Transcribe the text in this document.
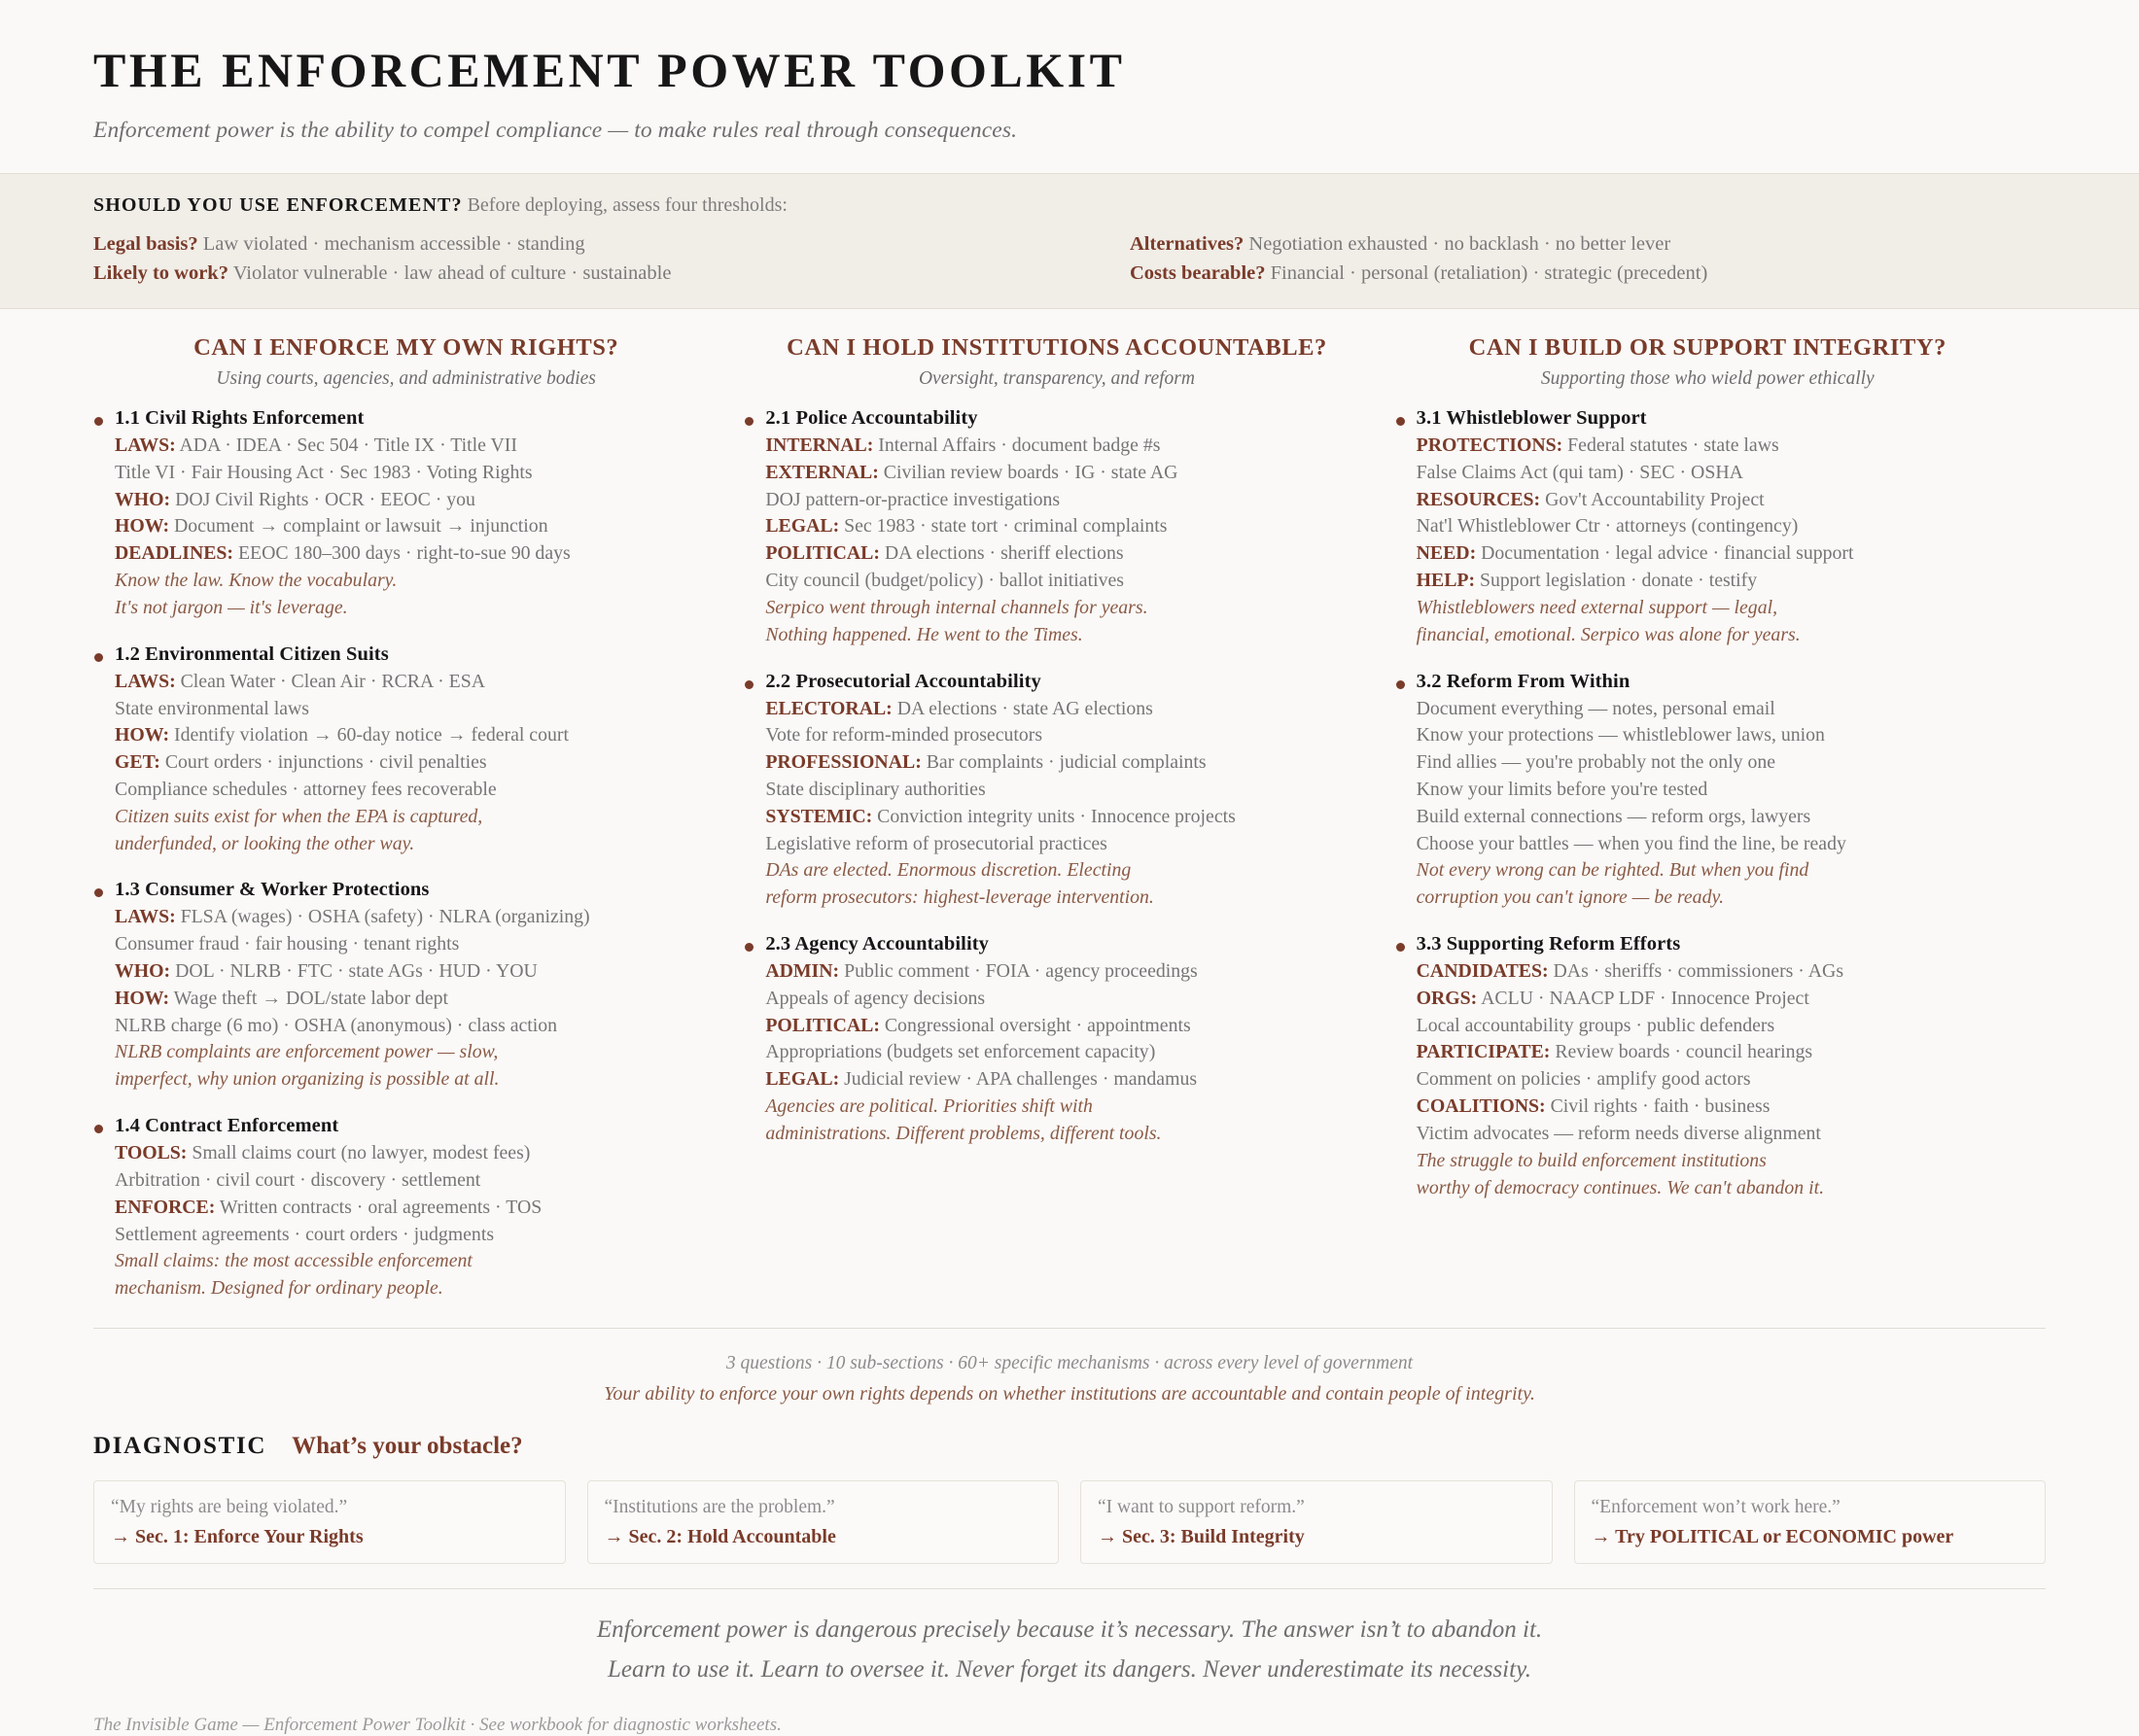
THE ENFORCEMENT POWER TOOLKIT
Enforcement power is the ability to compel compliance — to make rules real through consequences.
SHOULD YOU USE ENFORCEMENT? Before deploying, assess four thresholds:
Legal basis? Law violated · mechanism accessible · standing
Likely to work? Violator vulnerable · law ahead of culture · sustainable
Alternatives? Negotiation exhausted · no backlash · no better lever
Costs bearable? Financial · personal (retaliation) · strategic (precedent)
CAN I ENFORCE MY OWN RIGHTS?
Using courts, agencies, and administrative bodies
1.1 Civil Rights Enforcement
LAWS: ADA · IDEA · Sec 504 · Title IX · Title VII
Title VI · Fair Housing Act · Sec 1983 · Voting Rights
WHO: DOJ Civil Rights · OCR · EEOC · you
HOW: Document → complaint or lawsuit → injunction
DEADLINES: EEOC 180–300 days · right-to-sue 90 days
Know the law. Know the vocabulary.
It's not jargon — it's leverage.
1.2 Environmental Citizen Suits
LAWS: Clean Water · Clean Air · RCRA · ESA
State environmental laws
HOW: Identify violation → 60-day notice → federal court
GET: Court orders · injunctions · civil penalties
Compliance schedules · attorney fees recoverable
Citizen suits exist for when the EPA is captured,
underfunded, or looking the other way.
1.3 Consumer & Worker Protections
LAWS: FLSA (wages) · OSHA (safety) · NLRA (organizing)
Consumer fraud · fair housing · tenant rights
WHO: DOL · NLRB · FTC · state AGs · HUD · YOU
HOW: Wage theft → DOL/state labor dept
NLRB charge (6 mo) · OSHA (anonymous) · class action
NLRB complaints are enforcement power — slow,
imperfect, why union organizing is possible at all.
1.4 Contract Enforcement
TOOLS: Small claims court (no lawyer, modest fees)
Arbitration · civil court · discovery · settlement
ENFORCE: Written contracts · oral agreements · TOS
Settlement agreements · court orders · judgments
Small claims: the most accessible enforcement
mechanism. Designed for ordinary people.
CAN I HOLD INSTITUTIONS ACCOUNTABLE?
Oversight, transparency, and reform
2.1 Police Accountability
INTERNAL: Internal Affairs · document badge #s
EXTERNAL: Civilian review boards · IG · state AG
DOJ pattern-or-practice investigations
LEGAL: Sec 1983 · state tort · criminal complaints
POLITICAL: DA elections · sheriff elections
City council (budget/policy) · ballot initiatives
Serpico went through internal channels for years.
Nothing happened. He went to the Times.
2.2 Prosecutorial Accountability
ELECTORAL: DA elections · state AG elections
Vote for reform-minded prosecutors
PROFESSIONAL: Bar complaints · judicial complaints
State disciplinary authorities
SYSTEMIC: Conviction integrity units · Innocence projects
Legislative reform of prosecutorial practices
DAs are elected. Enormous discretion. Electing
reform prosecutors: highest-leverage intervention.
2.3 Agency Accountability
ADMIN: Public comment · FOIA · agency proceedings
Appeals of agency decisions
POLITICAL: Congressional oversight · appointments
Appropriations (budgets set enforcement capacity)
LEGAL: Judicial review · APA challenges · mandamus
Agencies are political. Priorities shift with
administrations. Different problems, different tools.
CAN I BUILD OR SUPPORT INTEGRITY?
Supporting those who wield power ethically
3.1 Whistleblower Support
PROTECTIONS: Federal statutes · state laws
False Claims Act (qui tam) · SEC · OSHA
RESOURCES: Gov't Accountability Project
Nat'l Whistleblower Ctr · attorneys (contingency)
NEED: Documentation · legal advice · financial support
HELP: Support legislation · donate · testify
Whistleblowers need external support — legal,
financial, emotional. Serpico was alone for years.
3.2 Reform From Within
Document everything — notes, personal email
Know your protections — whistleblower laws, union
Find allies — you're probably not the only one
Know your limits before you're tested
Build external connections — reform orgs, lawyers
Choose your battles — when you find the line, be ready
Not every wrong can be righted. But when you find
corruption you can't ignore — be ready.
3.3 Supporting Reform Efforts
CANDIDATES: DAs · sheriffs · commissioners · AGs
ORGS: ACLU · NAACP LDF · Innocence Project
Local accountability groups · public defenders
PARTICIPATE: Review boards · council hearings
Comment on policies · amplify good actors
COALITIONS: Civil rights · faith · business
Victim advocates — reform needs diverse alignment
The struggle to build enforcement institutions
worthy of democracy continues. We can't abandon it.
3 questions · 10 sub-sections · 60+ specific mechanisms · across every level of government
Your ability to enforce your own rights depends on whether institutions are accountable and contain people of integrity.
DIAGNOSTIC What’s your obstacle?
“My rights are being violated.”
→ Sec. 1: Enforce Your Rights
“Institutions are the problem.”
→ Sec. 2: Hold Accountable
“I want to support reform.”
→ Sec. 3: Build Integrity
“Enforcement won’t work here.”
→ Try POLITICAL or ECONOMIC power
Enforcement power is dangerous precisely because it’s necessary. The answer isn’t to abandon it.
Learn to use it. Learn to oversee it. Never forget its dangers. Never underestimate its necessity.
The Invisible Game — Enforcement Power Toolkit · See workbook for diagnostic worksheets.
